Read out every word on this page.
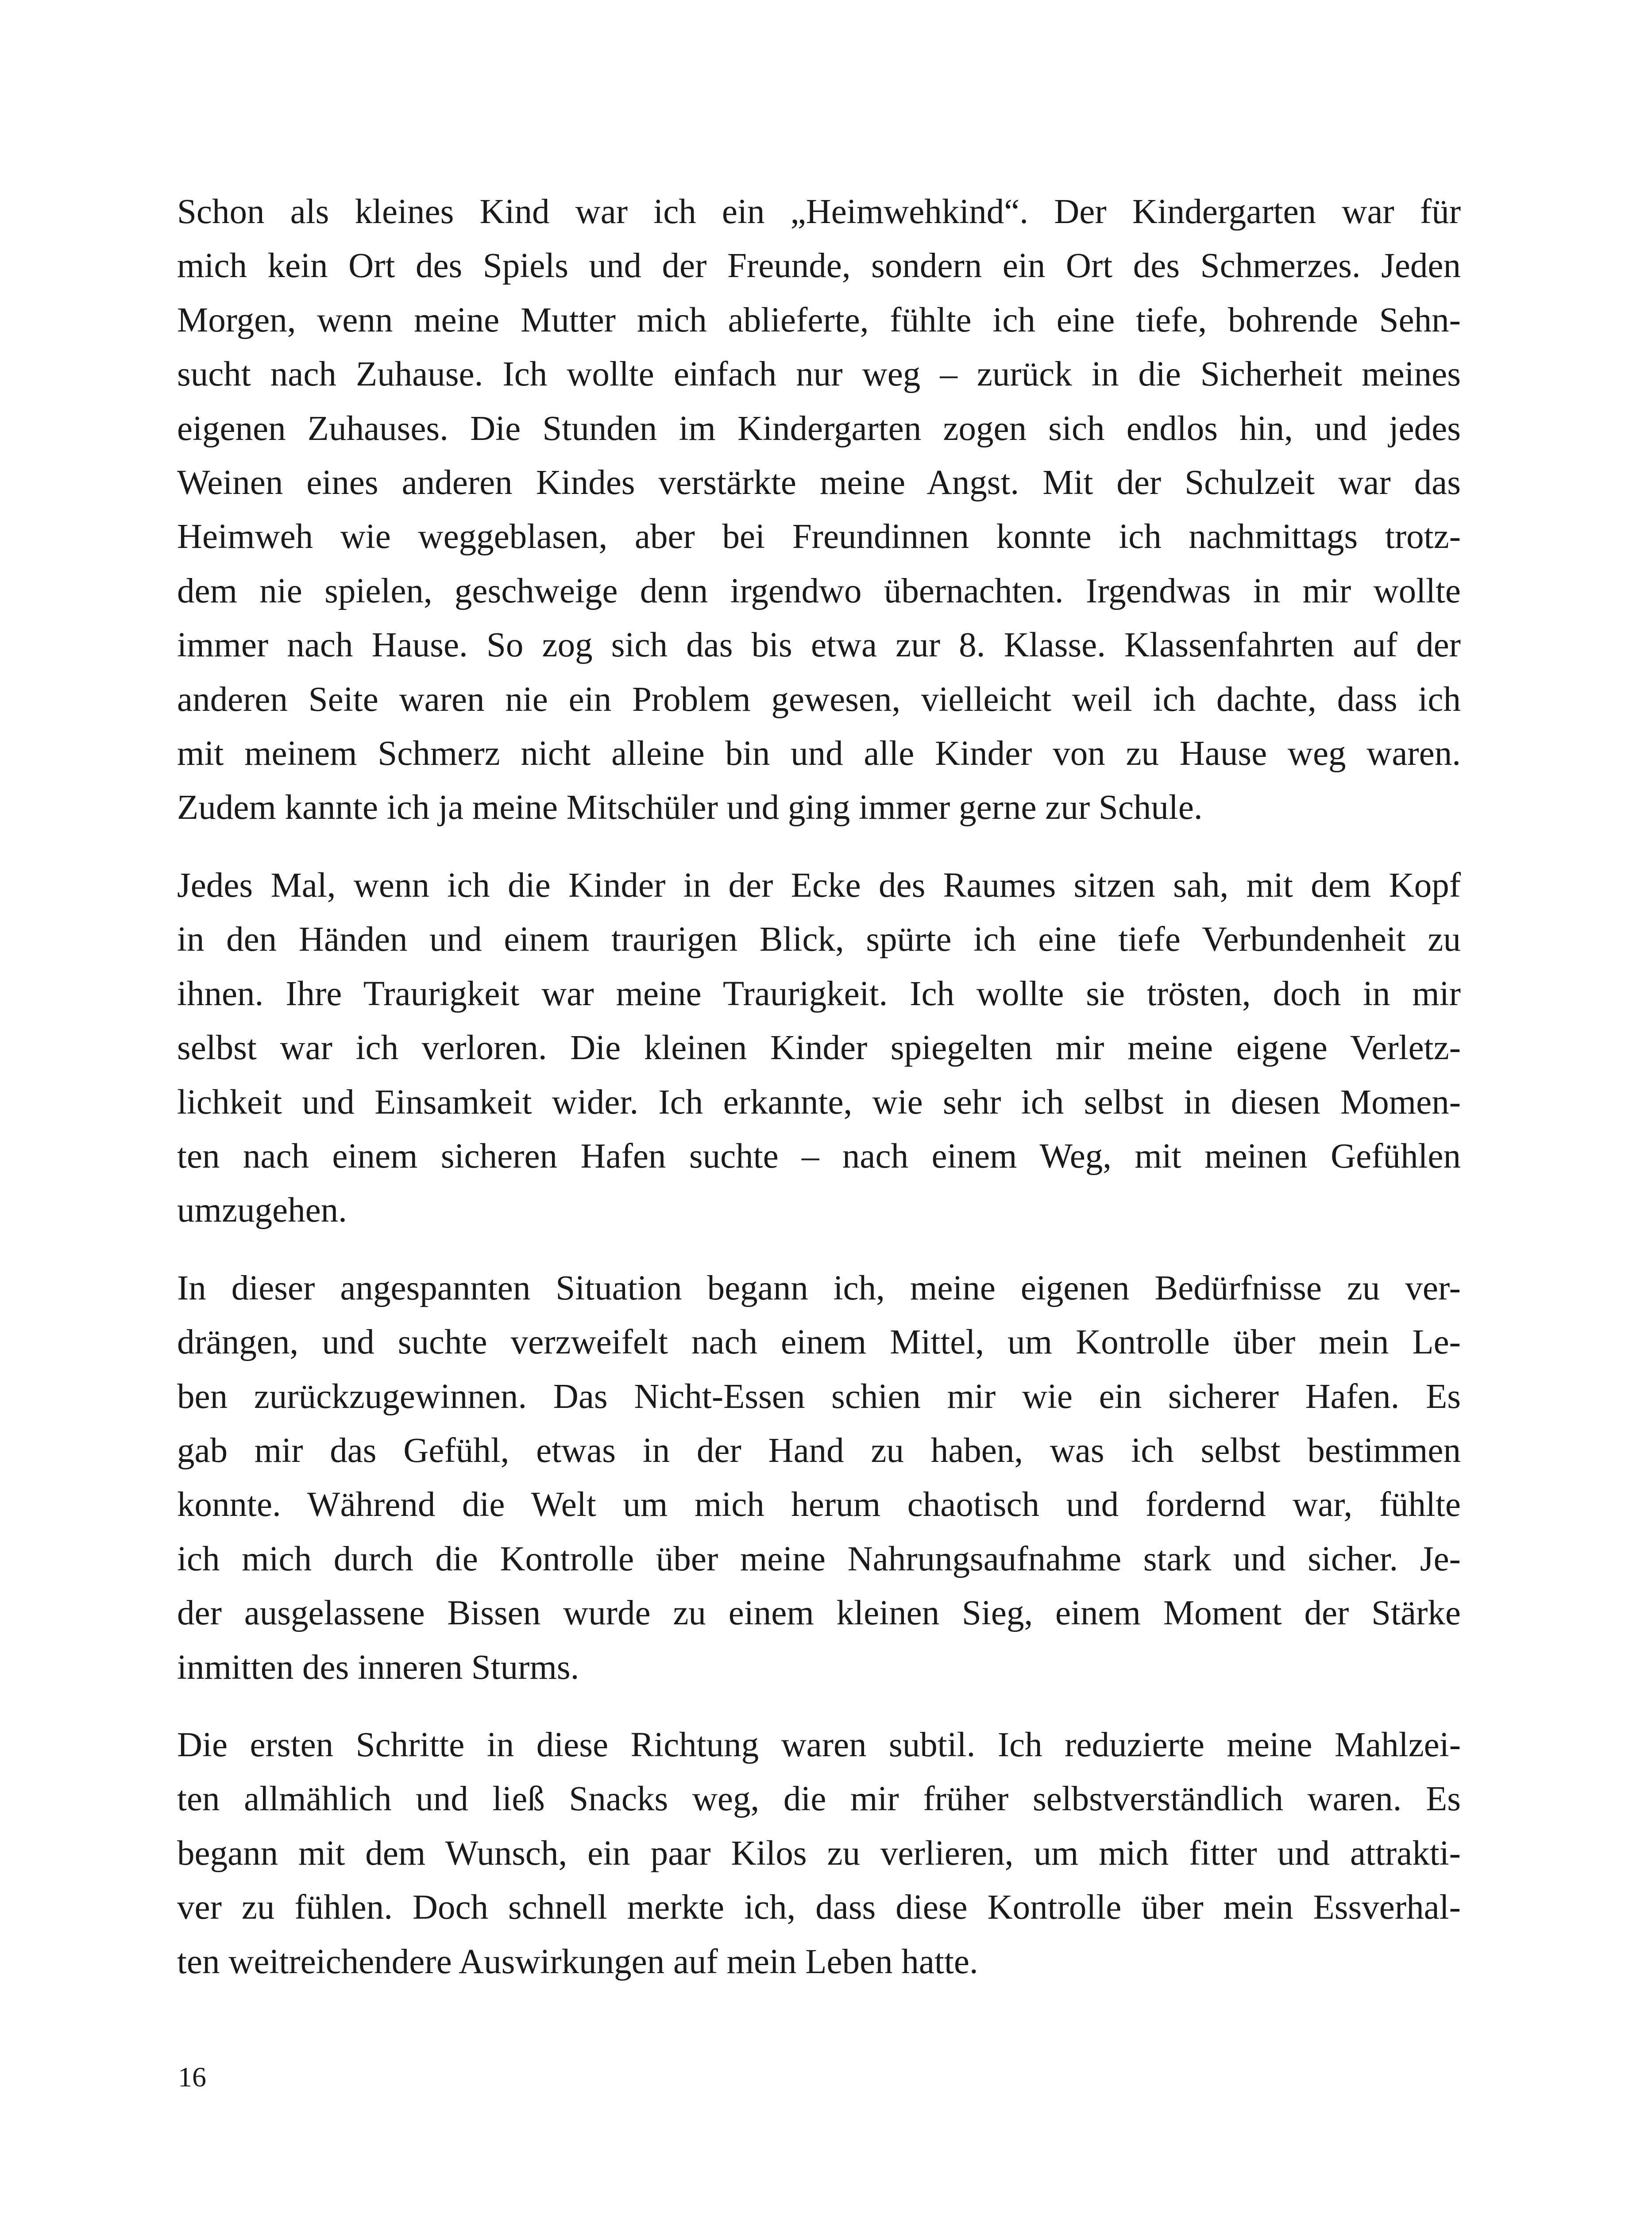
Schon als kleines Kind war ich ein „Heimwehkind“. Der Kindergarten war für
mich kein Ort des Spiels und der Freunde, sondern ein Ort des Schmerzes. Jeden
Morgen, wenn meine Mutter mich ablieferte, fühlte ich eine tiefe, bohrende Sehn-
sucht nach Zuhause. Ich wollte einfach nur weg – zurück in die Sicherheit meines
eigenen Zuhauses. Die Stunden im Kindergarten zogen sich endlos hin, und jedes
Weinen eines anderen Kindes verstärkte meine Angst. Mit der Schulzeit war das
Heimweh wie weggeblasen, aber bei Freundinnen konnte ich nachmittags trotz-
dem nie spielen, geschweige denn irgendwo übernachten. Irgendwas in mir wollte
immer nach Hause. So zog sich das bis etwa zur 8. Klasse. Klassenfahrten auf der
anderen Seite waren nie ein Problem gewesen, vielleicht weil ich dachte, dass ich
mit meinem Schmerz nicht alleine bin und alle Kinder von zu Hause weg waren.
Zudem kannte ich ja meine Mitschüler und ging immer gerne zur Schule.

Jedes Mal, wenn ich die Kinder in der Ecke des Raumes sitzen sah, mit dem Kopf
in den Händen und einem traurigen Blick, spürte ich eine tiefe Verbundenheit zu
ihnen. Ihre Traurigkeit war meine Traurigkeit. Ich wollte sie trösten, doch in mir
selbst war ich verloren. Die kleinen Kinder spiegelten mir meine eigene Verletz-
lichkeit und Einsamkeit wider. Ich erkannte, wie sehr ich selbst in diesen Momen-
ten nach einem sicheren Hafen suchte – nach einem Weg, mit meinen Gefühlen
umzugehen.

In dieser angespannten Situation begann ich, meine eigenen Bedürfnisse zu ver-
drängen, und suchte verzweifelt nach einem Mittel, um Kontrolle über mein Le-
ben zurückzugewinnen. Das Nicht-Essen schien mir wie ein sicherer Hafen. Es
gab mir das Gefühl, etwas in der Hand zu haben, was ich selbst bestimmen
konnte. Während die Welt um mich herum chaotisch und fordernd war, fühlte
ich mich durch die Kontrolle über meine Nahrungsaufnahme stark und sicher. Je-
der ausgelassene Bissen wurde zu einem kleinen Sieg, einem Moment der Stärke
inmitten des inneren Sturms.

Die ersten Schritte in diese Richtung waren subtil. Ich reduzierte meine Mahlzei-
ten allmählich und ließ Snacks weg, die mir früher selbstverständlich waren. Es
begann mit dem Wunsch, ein paar Kilos zu verlieren, um mich fitter und attrakti-
ver zu fühlen. Doch schnell merkte ich, dass diese Kontrolle über mein Essverhal-
ten weitreichendere Auswirkungen auf mein Leben hatte.

16
